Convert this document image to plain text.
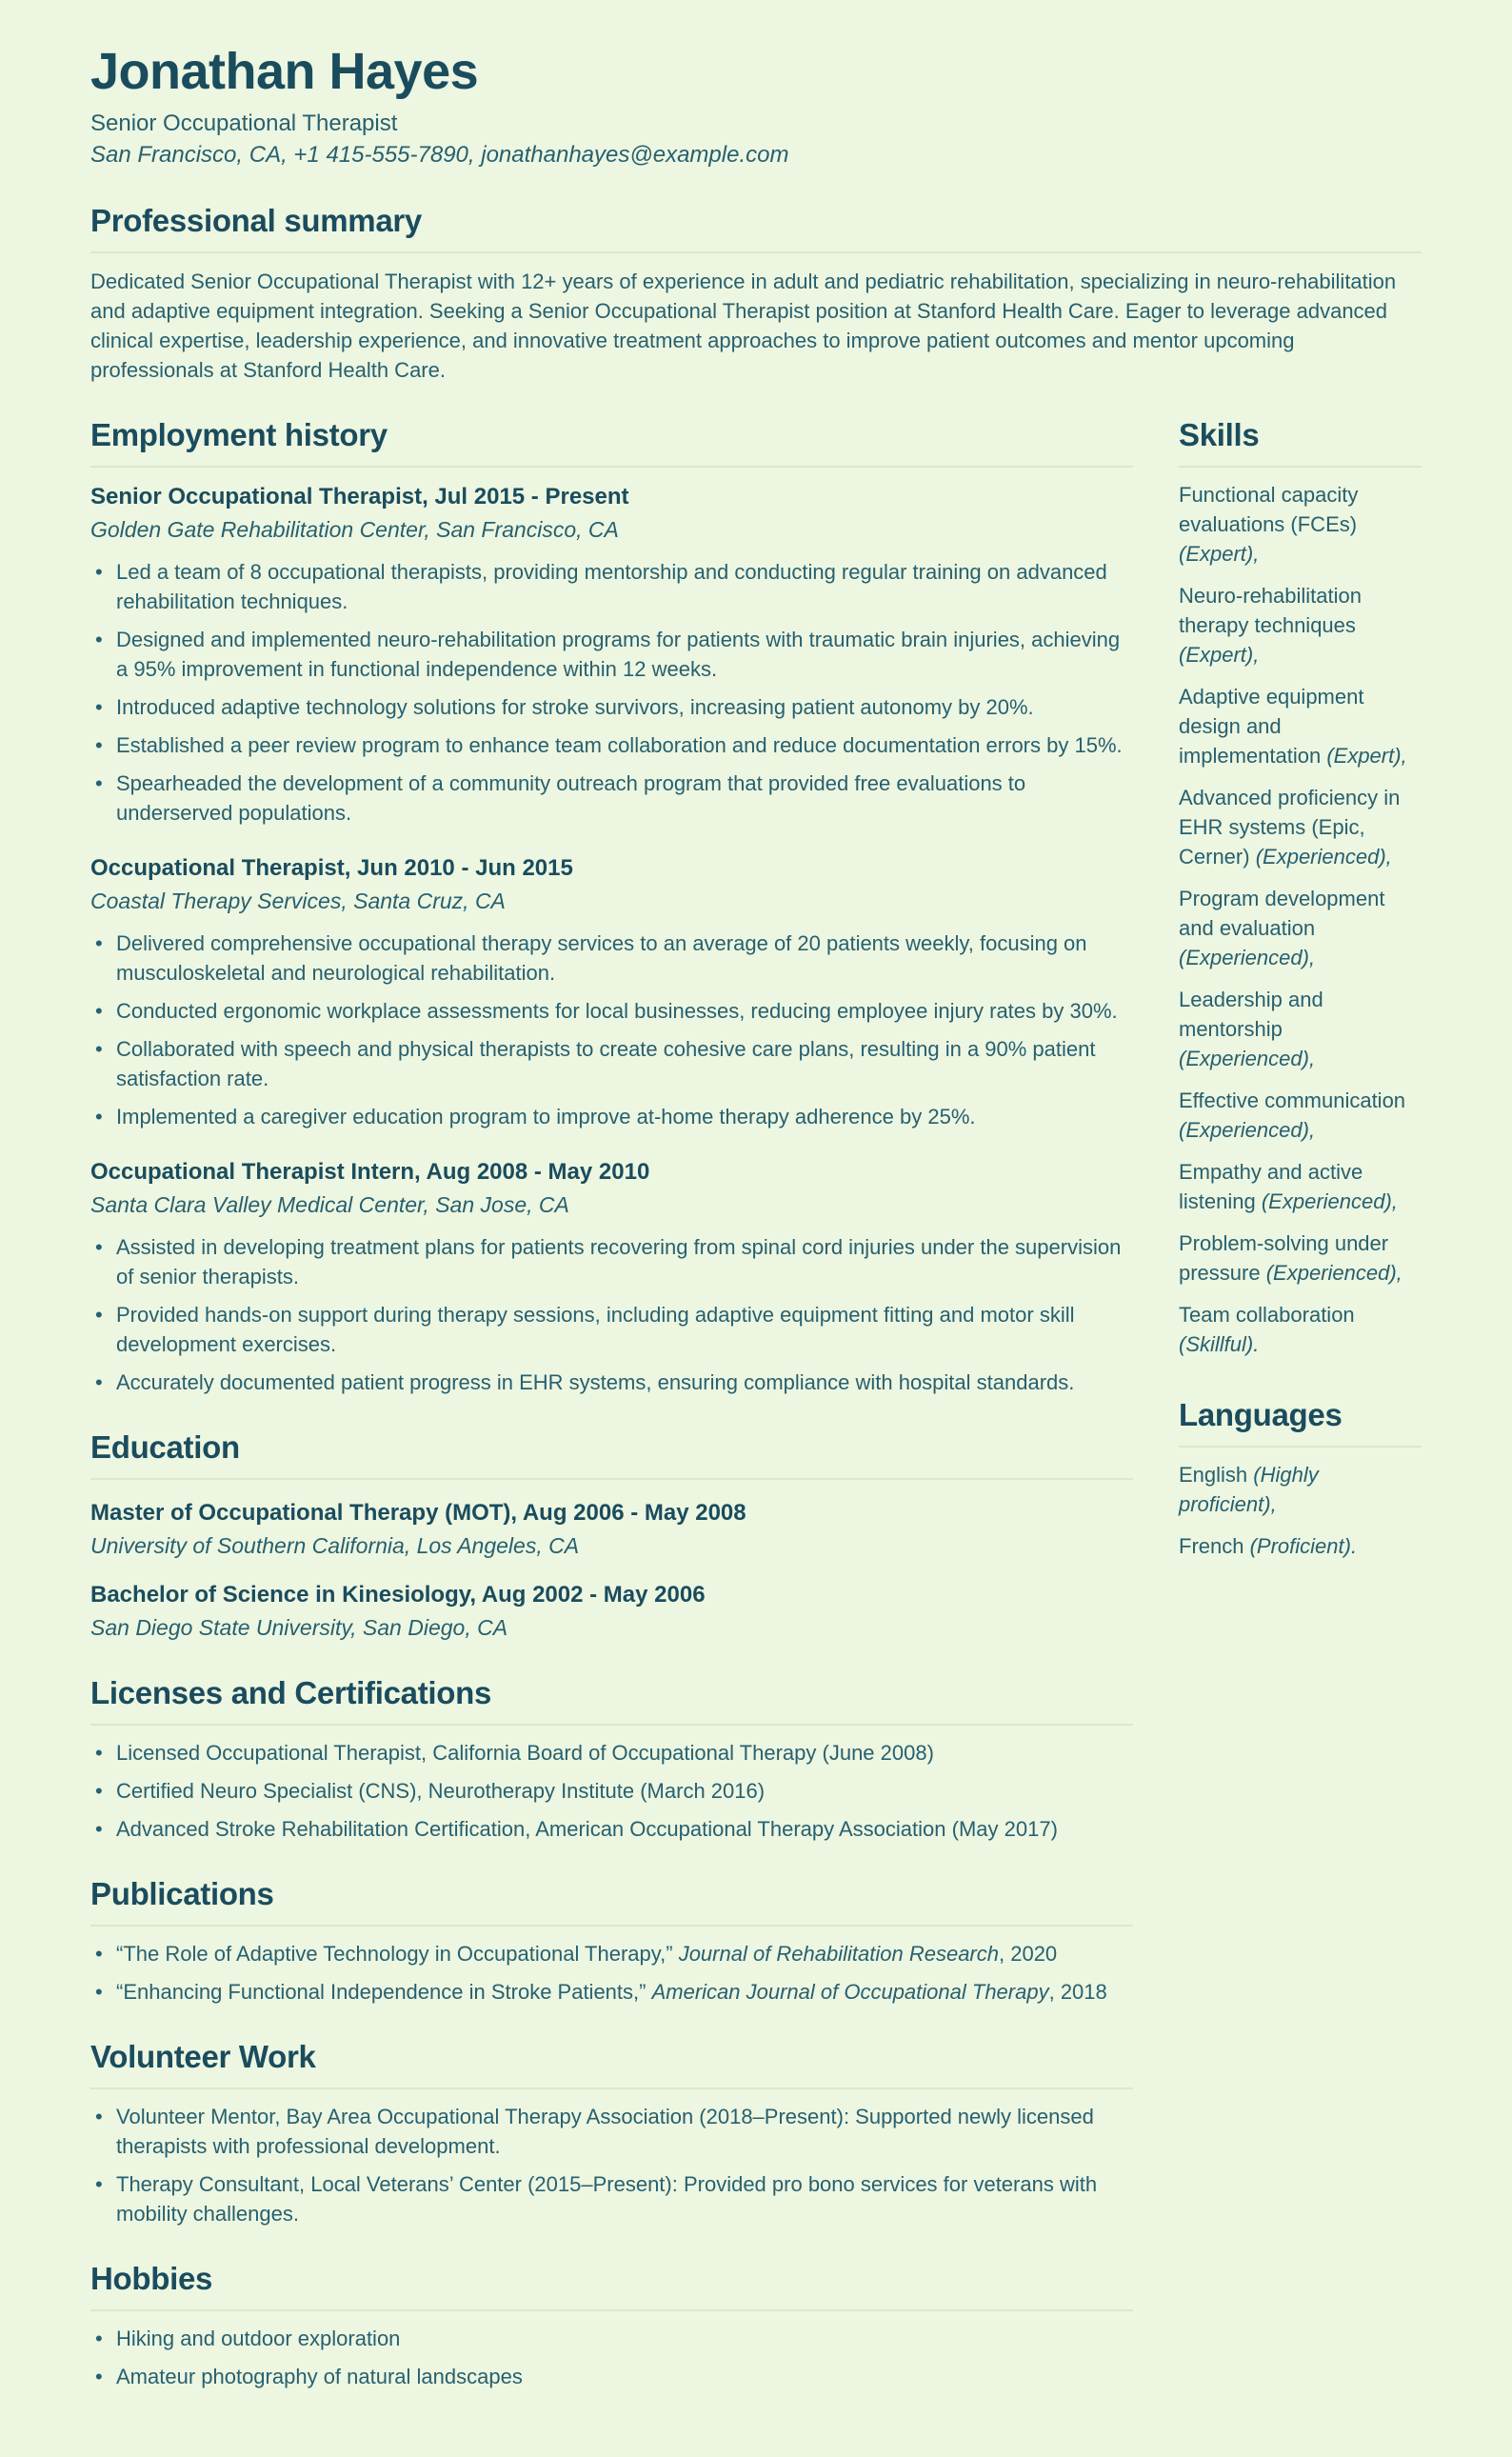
Jonathan Hayes
Senior Occupational Therapist
San Francisco, CA, +1 415-555-7890, jonathanhayes@example.com
Professional summary

Dedicated Senior Occupational Therapist with 12+ years of experience in adult and pediatric rehabilitation, specializing in neuro-rehabilitation and adaptive equipment integration. Seeking a Senior Occupational Therapist position at Stanford Health Care. Eager to leverage advanced clinical expertise, leadership experience, and innovative treatment approaches to improve patient outcomes and mentor upcoming professionals at Stanford Health Care.

Employment history
Senior Occupational Therapist, Jul 2015 - Present
Golden Gate Rehabilitation Center, San Francisco, CA
• Led a team of 8 occupational therapists, providing mentorship and conducting regular training on advanced rehabilitation techniques.
• Designed and implemented neuro-rehabilitation programs for patients with traumatic brain injuries, achieving a 95% improvement in functional independence within 12 weeks.
• Introduced adaptive technology solutions for stroke survivors, increasing patient autonomy by 20%.
• Established a peer review program to enhance team collaboration and reduce documentation errors by 15%.
• Spearheaded the development of a community outreach program that provided free evaluations to underserved populations.
Occupational Therapist, Jun 2010 - Jun 2015
Coastal Therapy Services, Santa Cruz, CA
• Delivered comprehensive occupational therapy services to an average of 20 patients weekly, focusing on musculoskeletal and neurological rehabilitation.
• Conducted ergonomic workplace assessments for local businesses, reducing employee injury rates by 30%.
• Collaborated with speech and physical therapists to create cohesive care plans, resulting in a 90% patient satisfaction rate.
• Implemented a caregiver education program to improve at-home therapy adherence by 25%.
Occupational Therapist Intern, Aug 2008 - May 2010
Santa Clara Valley Medical Center, San Jose, CA
• Assisted in developing treatment plans for patients recovering from spinal cord injuries under the supervision of senior therapists.
• Provided hands-on support during therapy sessions, including adaptive equipment fitting and motor skill development exercises.
• Accurately documented patient progress in EHR systems, ensuring compliance with hospital standards.
Education
Master of Occupational Therapy (MOT), Aug 2006 - May 2008
University of Southern California, Los Angeles, CA
Bachelor of Science in Kinesiology, Aug 2002 - May 2006
San Diego State University, San Diego, CA
Licenses and Certifications
• Licensed Occupational Therapist, California Board of Occupational Therapy (June 2008)
• Certified Neuro Specialist (CNS), Neurotherapy Institute (March 2016)
• Advanced Stroke Rehabilitation Certification, American Occupational Therapy Association (May 2017)
Publications
• “The Role of Adaptive Technology in Occupational Therapy,” Journal of Rehabilitation Research, 2020
• “Enhancing Functional Independence in Stroke Patients,” American Journal of Occupational Therapy, 2018
Volunteer Work
• Volunteer Mentor, Bay Area Occupational Therapy Association (2018–Present): Supported newly licensed therapists with professional development.
• Therapy Consultant, Local Veterans’ Center (2015–Present): Provided pro bono services for veterans with mobility challenges.
Hobbies
• Hiking and outdoor exploration
• Amateur photography of natural landscapes
Skills
Functional capacity evaluations (FCEs) (Expert),
Neuro-rehabilitation therapy techniques (Expert),
Adaptive equipment design and implementation (Expert),
Advanced proficiency in EHR systems (Epic, Cerner) (Experienced),
Program development and evaluation (Experienced),
Leadership and mentorship (Experienced),
Effective communication (Experienced),
Empathy and active listening (Experienced),
Problem-solving under pressure (Experienced),
Team collaboration (Skillful).
Languages
English (Highly proficient),
French (Proficient).
